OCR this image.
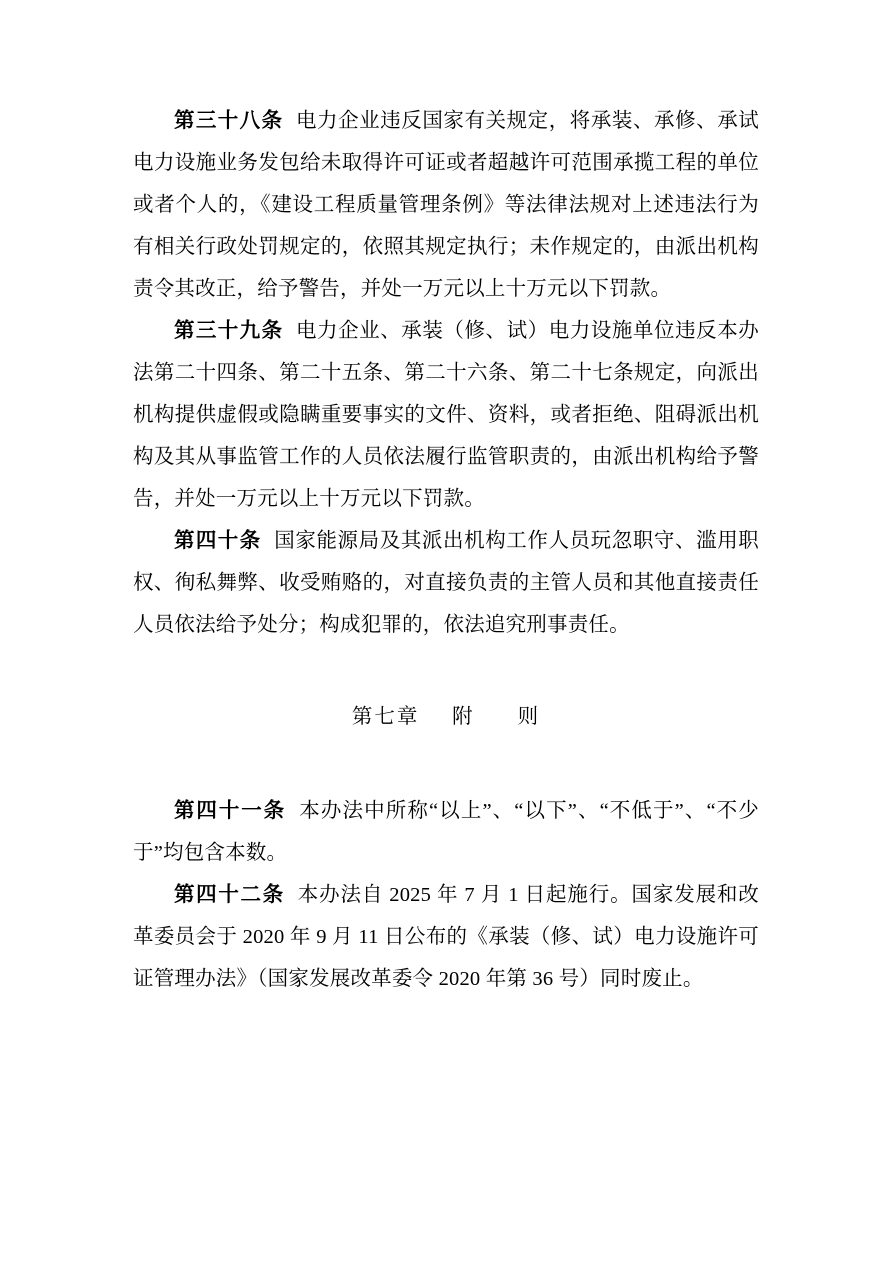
第三十八条 电力企业违反国家有关规定，将承装、承修、承试电力设施业务发包给未取得许可证或者超越许可范围承揽工程的单位或者个人的，《建设工程质量管理条例》等法律法规对上述违法行为有相关行政处罚规定的，依照其规定执行；未作规定的，由派出机构责令其改正，给予警告，并处一万元以上十万元以下罚款。

第三十九条 电力企业、承装（修、试）电力设施单位违反本办法第二十四条、第二十五条、第二十六条、第二十七条规定，向派出机构提供虚假或隐瞒重要事实的文件、资料，或者拒绝、阻碍派出机构及其从事监管工作的人员依法履行监管职责的，由派出机构给予警告，并处一万元以上十万元以下罚款。

第四十条 国家能源局及其派出机构工作人员玩忽职守、滥用职权、徇私舞弊、收受贿赂的，对直接负责的主管人员和其他直接责任人员依法给予处分；构成犯罪的，依法追究刑事责任。

第七章 附 则

第四十一条 本办法中所称“以上”、“以下”、“不低于”、“不少于”均包含本数。

第四十二条 本办法自 2025 年 7 月 1 日起施行。国家发展和改革委员会于 2020 年 9 月 11 日公布的《承装（修、试）电力设施许可证管理办法》（国家发展改革委令 2020 年第 36 号）同时废止。
